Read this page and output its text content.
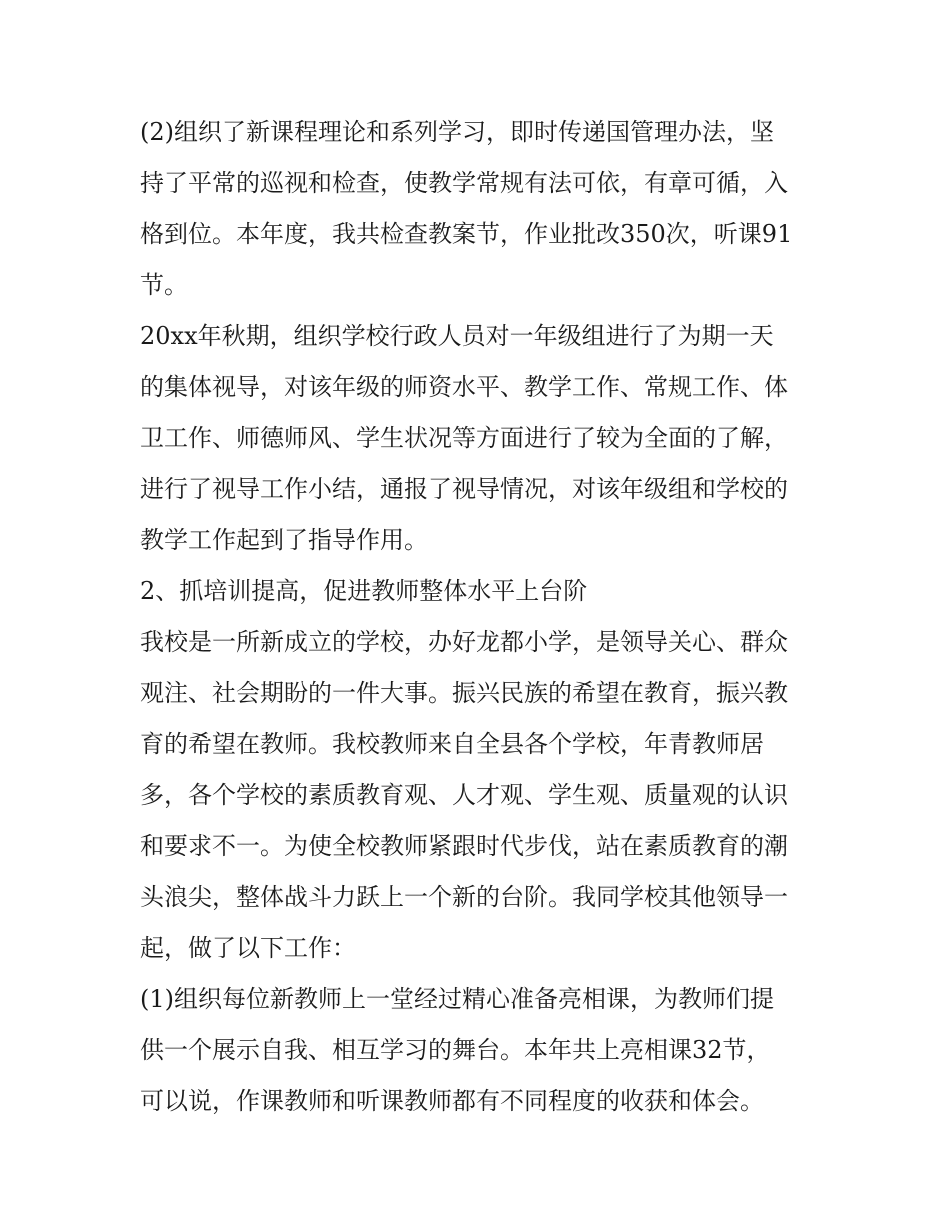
(2)组织了新课程理论和系列学习，即时传递国管理办法，坚
持了平常的巡视和检查，使教学常规有法可依，有章可循，入
格到位。本年度，我共检查教案节，作业批改350次，听课91
节。

20xx年秋期，组织学校行政人员对一年级组进行了为期一天
的集体视导，对该年级的师资水平、教学工作、常规工作、体
卫工作、师德师风、学生状况等方面进行了较为全面的了解，
进行了视导工作小结，通报了视导情况，对该年级组和学校的
教学工作起到了指导作用。

2、抓培训提高，促进教师整体水平上台阶

我校是一所新成立的学校，办好龙都小学，是领导关心、群众
观注、社会期盼的一件大事。振兴民族的希望在教育，振兴教
育的希望在教师。我校教师来自全县各个学校，年青教师居
多，各个学校的素质教育观、人才观、学生观、质量观的认识
和要求不一。为使全校教师紧跟时代步伐，站在素质教育的潮
头浪尖，整体战斗力跃上一个新的台阶。我同学校其他领导一
起，做了以下工作：

(1)组织每位新教师上一堂经过精心准备亮相课，为教师们提
供一个展示自我、相互学习的舞台。本年共上亮相课32节，
可以说，作课教师和听课教师都有不同程度的收获和体会。
